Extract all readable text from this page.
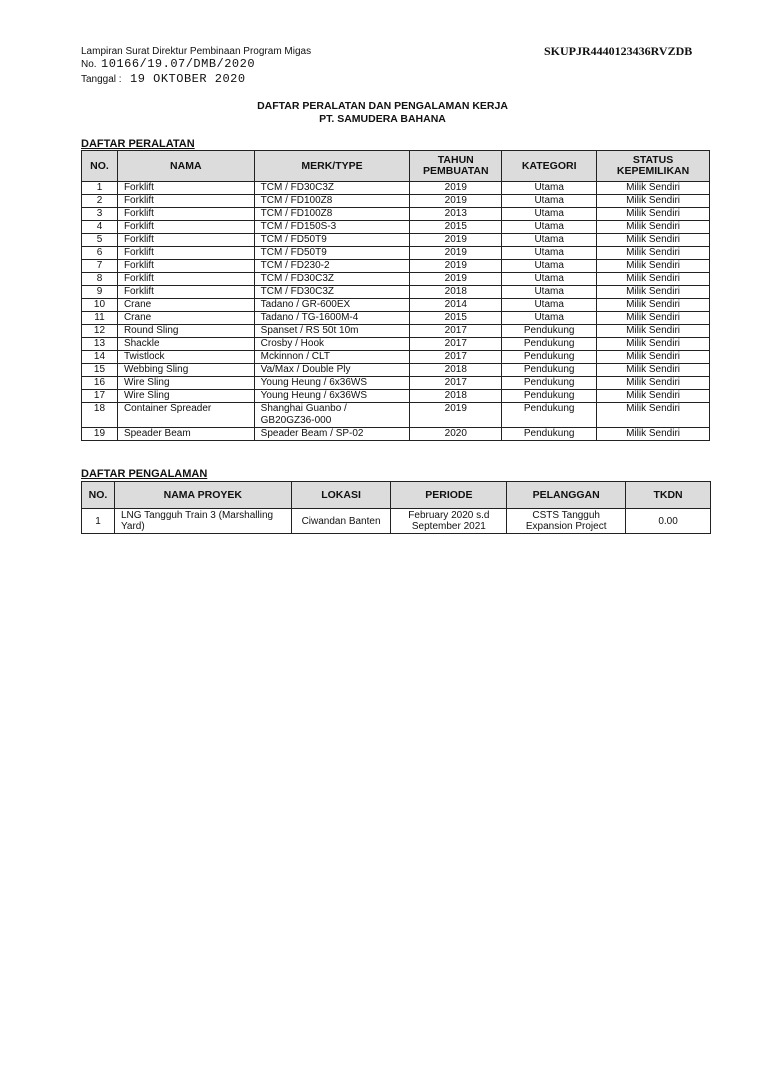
Lampiran Surat Direktur Pembinaan Program Migas
No. 10166/19.07/DMB/2020
Tanggal : 19 OKTOBER 2020
SKUPJR4440123436RVZDB
DAFTAR PERALATAN DAN PENGALAMAN KERJA
PT. SAMUDERA BAHANA
DAFTAR PERALATAN
NO.	NAMA	MERK/TYPE	TAHUN PEMBUATAN	KATEGORI	STATUS KEPEMILIKAN
1	Forklift	TCM / FD30C3Z	2019	Utama	Milik Sendiri
2	Forklift	TCM / FD100Z8	2019	Utama	Milik Sendiri
3	Forklift	TCM / FD100Z8	2013	Utama	Milik Sendiri
4	Forklift	TCM / FD150S-3	2015	Utama	Milik Sendiri
5	Forklift	TCM / FD50T9	2019	Utama	Milik Sendiri
6	Forklift	TCM / FD50T9	2019	Utama	Milik Sendiri
7	Forklift	TCM / FD230-2	2019	Utama	Milik Sendiri
8	Forklift	TCM / FD30C3Z	2019	Utama	Milik Sendiri
9	Forklift	TCM / FD30C3Z	2018	Utama	Milik Sendiri
10	Crane	Tadano / GR-600EX	2014	Utama	Milik Sendiri
11	Crane	Tadano / TG-1600M-4	2015	Utama	Milik Sendiri
12	Round Sling	Spanset / RS 50t 10m	2017	Pendukung	Milik Sendiri
13	Shackle	Crosby / Hook	2017	Pendukung	Milik Sendiri
14	Twistlock	Mckinnon / CLT	2017	Pendukung	Milik Sendiri
15	Webbing Sling	Va/Max / Double Ply	2018	Pendukung	Milik Sendiri
16	Wire Sling	Young Heung / 6x36WS	2017	Pendukung	Milik Sendiri
17	Wire Sling	Young Heung / 6x36WS	2018	Pendukung	Milik Sendiri
18	Container Spreader	Shanghai Guanbo / GB20GZ36-000	2019	Pendukung	Milik Sendiri
19	Speader Beam	Speader Beam / SP-02	2020	Pendukung	Milik Sendiri
DAFTAR PENGALAMAN
NO.	NAMA PROYEK	LOKASI	PERIODE	PELANGGAN	TKDN
1	LNG Tangguh Train 3 (Marshalling Yard)	Ciwandan Banten	February 2020 s.d September 2021	CSTS Tangguh Expansion Project	0.00
